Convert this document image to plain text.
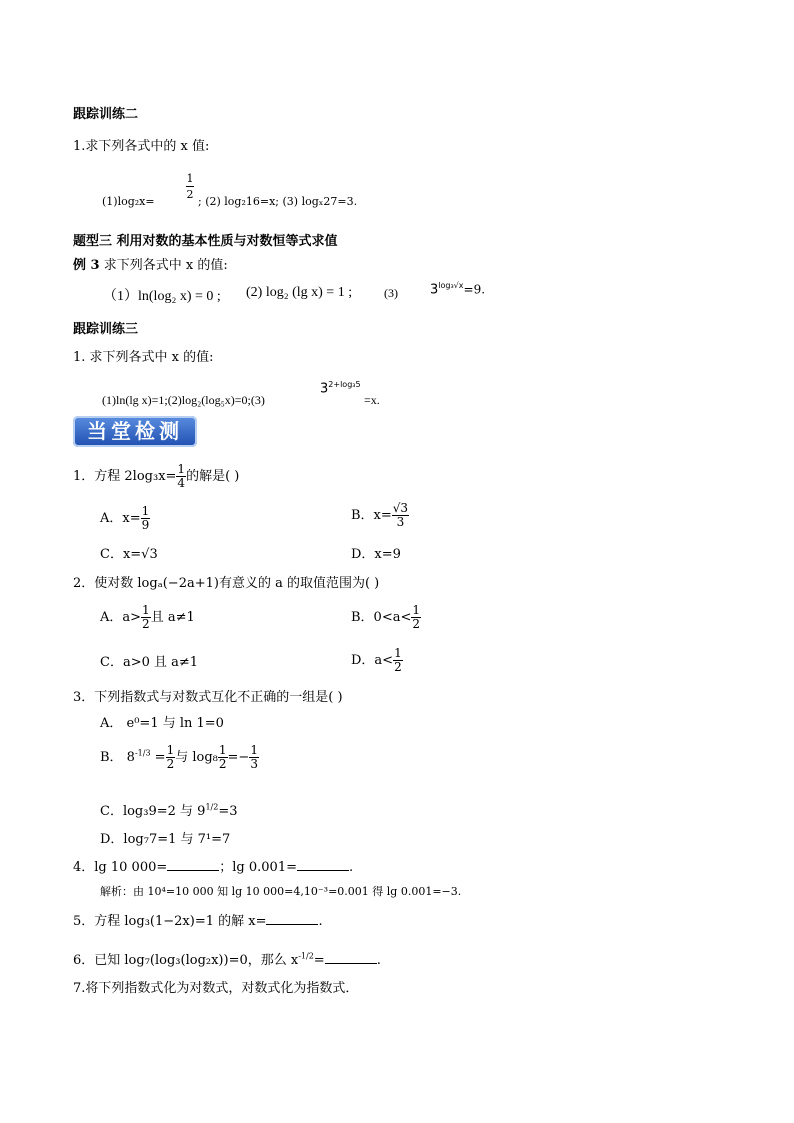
跟踪训练二
1.求下列各式中的 x 值:
(1)log₂x=
1
2
; (2) log₂16=x; (3) logₓ27=3.
题型三 利用对数的基本性质与对数恒等式求值
例 3 求下列各式中 x 的值:
（1）ln(log₂ x) = 0 ; (2) log₂ (lg x) = 1 ;	(3) $3^{log_3√x}=9$.
跟踪训练三
1. 求下列各式中 x 的值:
(1)ln(lg x)=1;(2)log₂(log₅x)=0;(3)
$3^{2+log_35}$
=x.
当堂检测
1．方程 $2\log_3x= \frac{1}{4}$ 的解是( )
A．$x= \frac{1}{9}$	B．$x= \frac{√3}{3}$
C．x=√3	D．x=9
2．使对数 logₐ(−2a+1)有意义的 a 的取值范围为( )
A．$a> \frac{1}{2}$ 且 a≠1	B．$0<a< \frac{1}{2}$
C．a>0 且 a≠1	D．$a< \frac{1}{2}$
3．下列指数式与对数式互化不正确的一组是( )
A． e⁰=1 与 ln 1=0
B． $8^{-1/3} = \frac{1}{2}$ 与 $\log_8 \frac{1}{2} =- \frac{1}{3}$
C．log₃9=2 与 $9^{1/2}=3$
D．log₇7=1 与 7¹=7
4．lg 10 000=	；lg 0.001=	.
解析：由 10⁴=10 000 知 lg 10 000=4,10⁻³=0.001 得 lg 0.001=−3.
5．方程 log₃(1−2x)=1 的解 x=	.
6．已知 log₇(log₃(log₂x))=0，那么 $x^{-1/2}=$	.
7.将下列指数式化为对数式，对数式化为指数式．
